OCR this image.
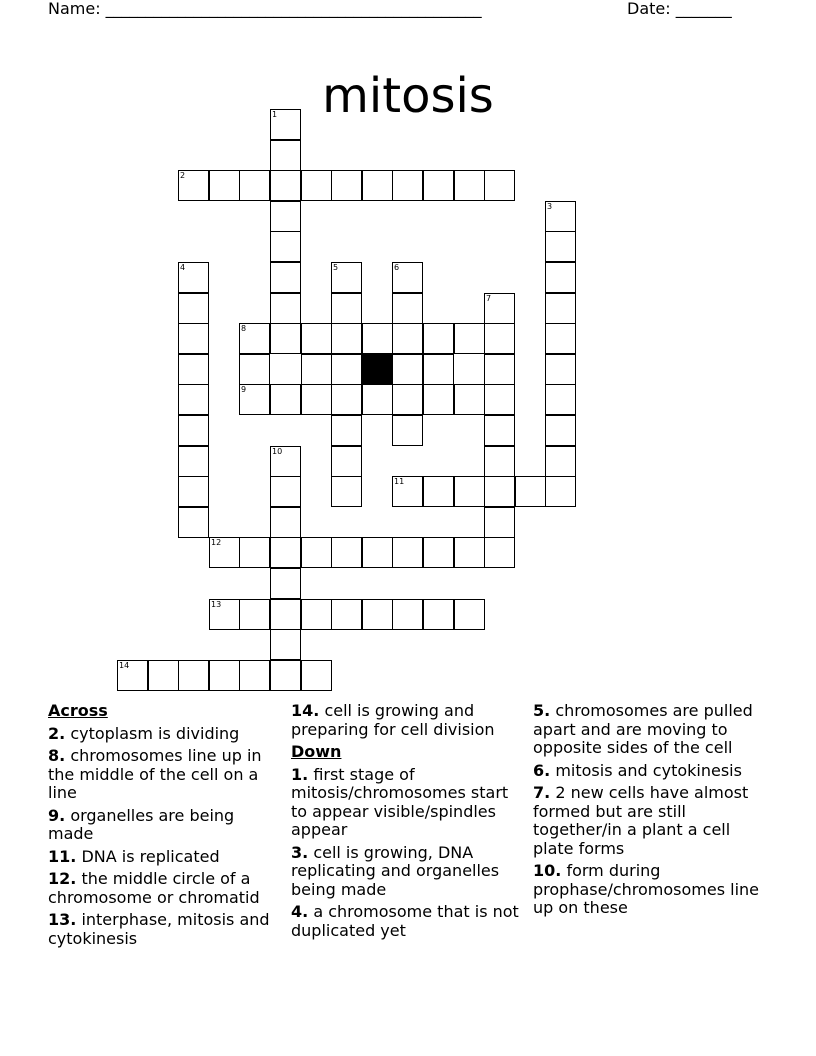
Name: _______________________________________________	Date: _______
mitosis
1
2
3
4	5	6
7
8
9
10
11
12
13
14
Across
2. cytoplasm is dividing
8. chromosomes line up in the middle of the cell on a line
9. organelles are being made
11. DNA is replicated
12. the middle circle of a chromosome or chromatid
13. interphase, mitosis and cytokinesis
14. cell is growing and preparing for cell division
Down
1. first stage of mitosis/chromosomes start to appear visible/spindles appear
3. cell is growing, DNA replicating and organelles being made
4. a chromosome that is not duplicated yet
5. chromosomes are pulled apart and are moving to opposite sides of the cell
6. mitosis and cytokinesis
7. 2 new cells have almost formed but are still together/in a plant a cell plate forms
10. form during prophase/chromosomes line up on these
